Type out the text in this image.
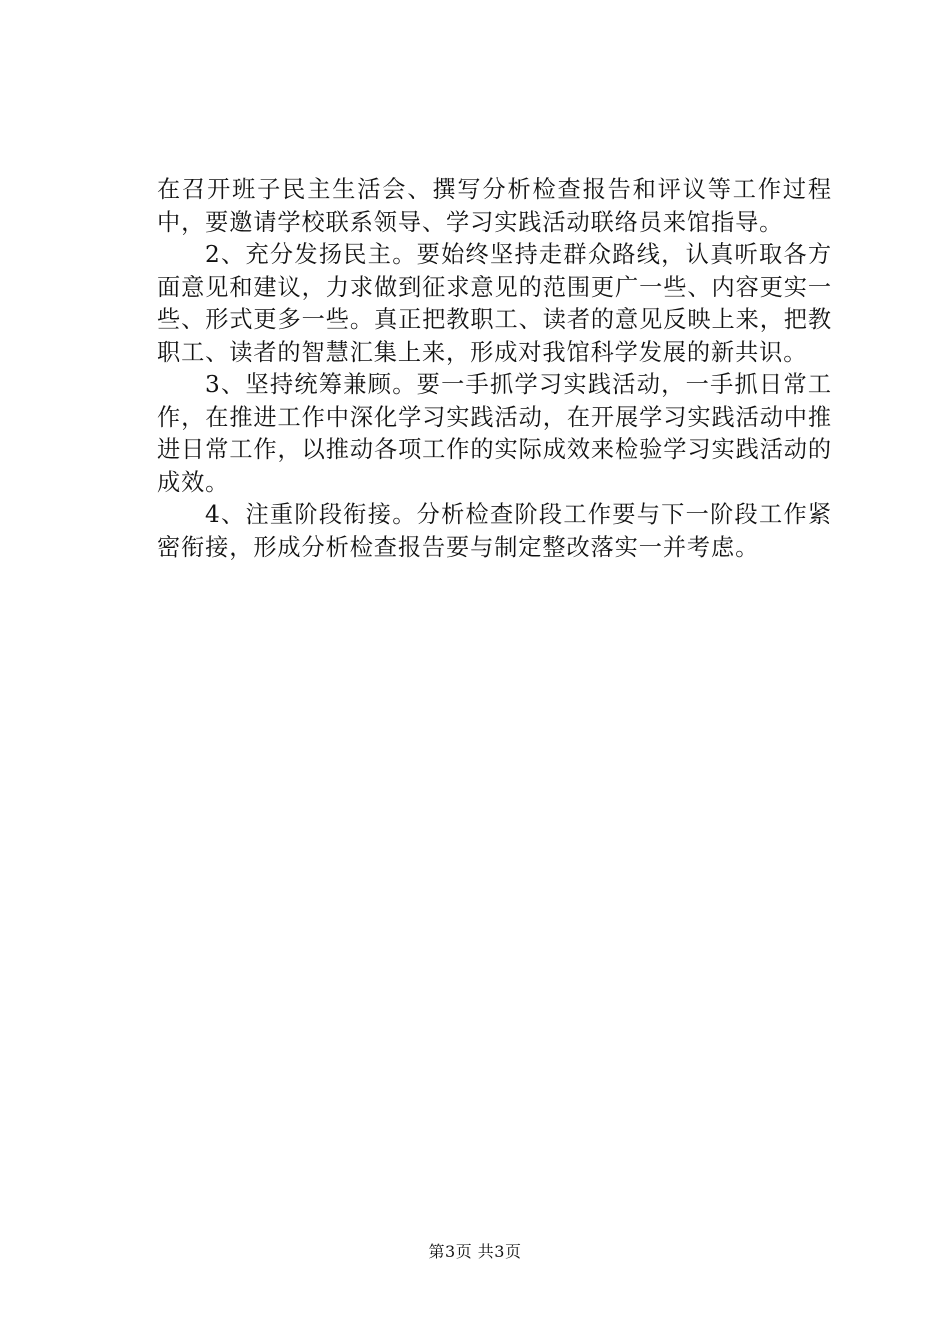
在召开班子民主生活会、撰写分析检查报告和评议等工作过程中，要邀请学校联系领导、学习实践活动联络员来馆指导。

2、充分发扬民主。要始终坚持走群众路线，认真听取各方面意见和建议，力求做到征求意见的范围更广一些、内容更实一些、形式更多一些。真正把教职工、读者的意见反映上来，把教职工、读者的智慧汇集上来，形成对我馆科学发展的新共识。

3、坚持统筹兼顾。要一手抓学习实践活动，一手抓日常工作，在推进工作中深化学习实践活动，在开展学习实践活动中推进日常工作，以推动各项工作的实际成效来检验学习实践活动的成效。

4、注重阶段衔接。分析检查阶段工作要与下一阶段工作紧密衔接，形成分析检查报告要与制定整改落实一并考虑。

第3页 共3页
